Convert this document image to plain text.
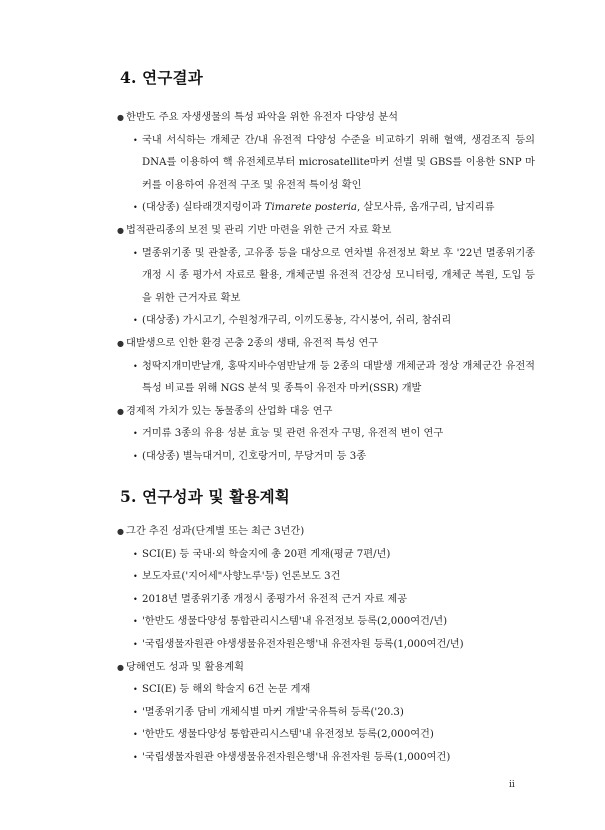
4. 연구결과

● 한반도 주요 자생생물의 특성 파악을 위한 유전자 다양성 분석

• 국내 서식하는 개체군 간/내 유전적 다양성 수준을 비교하기 위해 혈액, 생검조직 등의 DNA를 이용하여 핵 유전체로부터 microsatellite마커 선별 및 GBS를 이용한 SNP 마커를 이용하여 유전적 구조 및 유전적 특이성 확인

• (대상종) 실타래갯지렁이과 Timarete posteria, 살모사류, 옴개구리, 납지리류

● 법적관리종의 보전 및 관리 기반 마련을 위한 근거 자료 확보

• 멸종위기종 및 관찰종, 고유종 등을 대상으로 연차별 유전정보 확보 후 '22년 멸종위기종 개정 시 종 평가서 자료로 활용, 개체군별 유전적 건강성 모니터링, 개체군 복원, 도입 등을 위한 근거자료 확보

• (대상종) 가시고기, 수원청개구리, 이끼도롱뇽, 각시붕어, 쉬리, 참쉬리

● 대발생으로 인한 환경 곤충 2종의 생태, 유전적 특성 연구

• 청딱지개미반날개, 홍딱지바수염반날개 등 2종의 대발생 개체군과 정상 개체군간 유전적 특성 비교를 위해 NGS 분석 및 종특이 유전자 마커(SSR) 개발

● 경제적 가치가 있는 동물종의 산업화 대응 연구

• 거미류 3종의 유용 성분 효능 및 관련 유전자 구명, 유전적 변이 연구

• (대상종) 별늑대거미, 긴호랑거미, 무당거미 등 3종

5. 연구성과 및 활용계획

● 그간 추진 성과(단계별 또는 최근 3년간)

• SCI(E) 등 국내·외 학술지에 총 20편 게재(평균 7편/년)

• 보도자료('지어세"사향노루'등) 언론보도 3건

• 2018년 멸종위기종 개정시 종평가서 유전적 근거 자료 제공

• '한반도 생물다양성 통합관리시스템'내 유전정보 등록(2,000여건/년)

• '국립생물자원관 야생생물유전자원은행'내 유전자원 등록(1,000여건/년)

● 당해연도 성과 및 활용계획

• SCI(E) 등 해외 학술지 6건 논문 게재

• '멸종위기종 담비 개체식별 마커 개발'국유특허 등록('20.3)

• '한반도 생물다양성 통합관리시스템'내 유전정보 등록(2,000여건)

• '국립생물자원관 야생생물유전자원은행'내 유전자원 등록(1,000여건)

ii
